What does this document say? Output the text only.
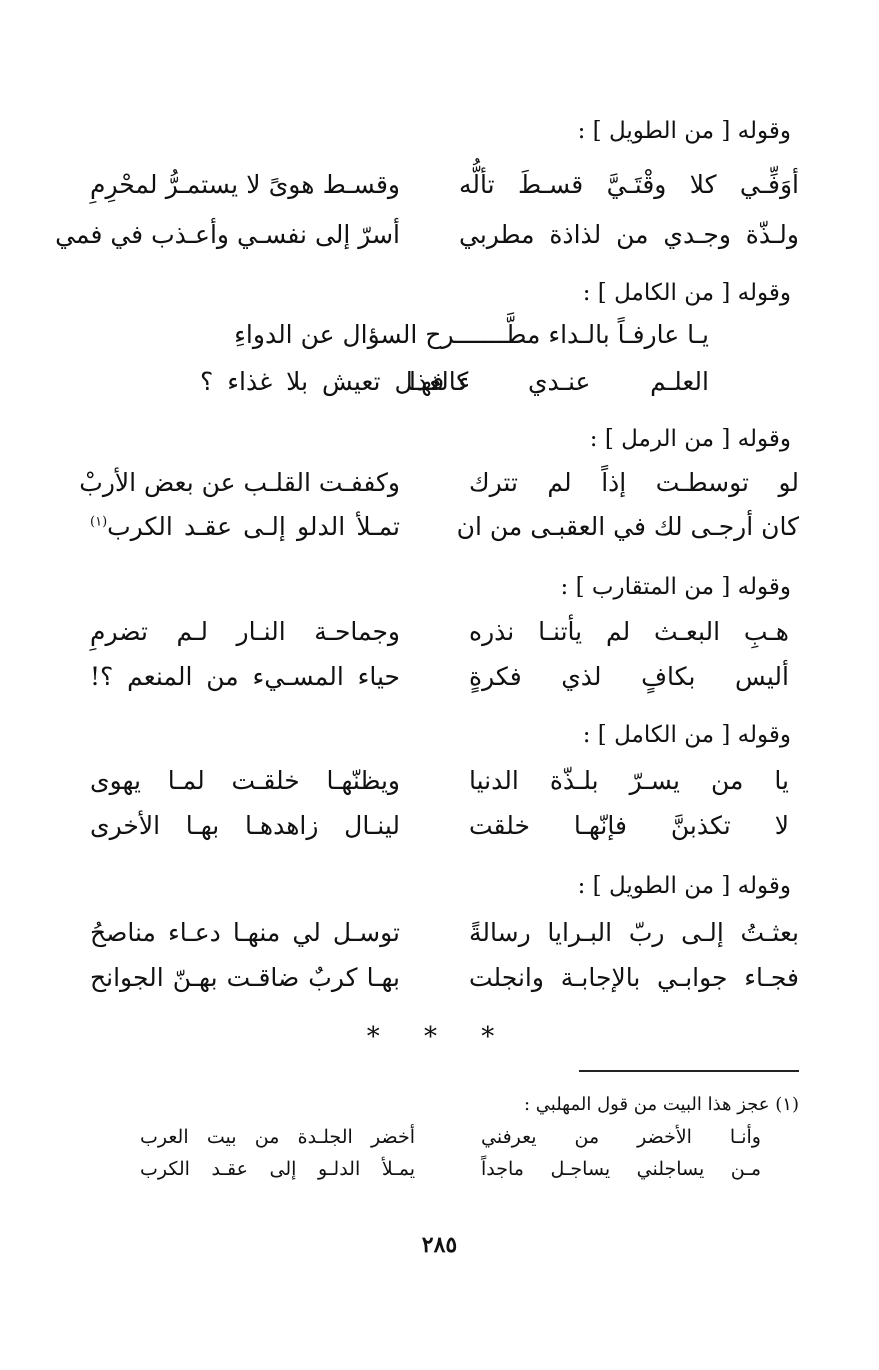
وقوله [ من الطويل ] :
أوَفِّـي كلا وقْتَـيَّ قسـطَ تألُّه
وقسـط هوىً لا يستمـرُّ لمحْرِمِ
ولـذّة وجـدي من لذاذة مطربي
أسرّ إلى نفسـي وأعـذب في فمي
وقوله [ من الكامل ] :
يـا عارفـاً بالـداء مطَّـــــــرح السؤال عن الدواءِ
العلـم عنـدي كالغذا
ء فهـل تعيش بلا غذاء ؟
وقوله [ من الرمل ] :
لو توسطـت إذاً لم تترك
وكففـت القلـب عن بعض الأربْ
كان أرجـى لك في العقبـى من ان
تمـلأ الدلو إلـى عقـد الكرب$^{(١)}$
وقوله [ من المتقارب ] :
هـبِ البعـث لم يأتنـا نذره
وجماحـة النـار لـم تضرمِ
أليس بكافٍ لذي فكرةٍ
حياء المسـيء من المنعم ؟!
وقوله [ من الكامل ] :
يا من يسـرّ بلـذّة الدنيا
ويظنّهـا خلقـت لمـا يهوى
لا تكذبنَّ فإنّهـا خلقت
لينـال زاهدهـا بهـا الأخرى
وقوله [ من الطويل ] :
بعثـتُ إلـى ربّ البـرايا رسالةً
توسـل لي منهـا دعـاء مناصحُ
فجـاء جوابـي بالإجابـة وانجلت
بهـا كربٌ ضاقـت بهـنّ الجوانح
* * *
(١) عجز هذا البيت من قول المهلبي :
وأنـا الأخضر من يعرفني
أخضر الجلـدة من بيت العرب
مـن يساجلني يساجـل ماجداً
يمـلأ الدلـو إلى عقـد الكرب
٢٨٥
